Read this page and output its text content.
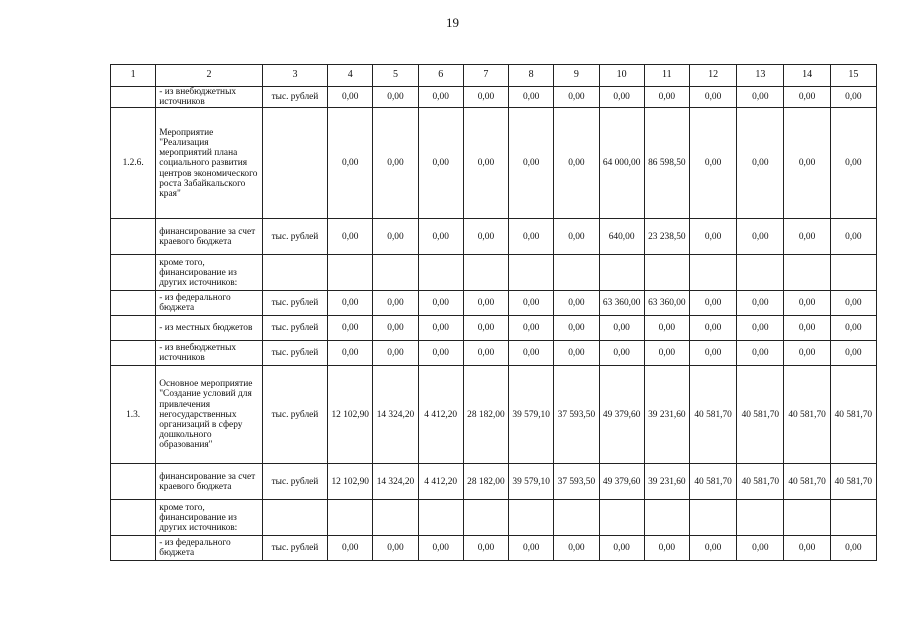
19
1	2	3	4	5	6	7	8	9	10	11	12	13	14	15
	- из внебюджетных источников	тыс. рублей	0,00	0,00	0,00	0,00	0,00	0,00	0,00	0,00	0,00	0,00	0,00	0,00
1.2.6.	Мероприятие "Реализация мероприятий плана социального развития центров экономического роста Забайкальского края"		0,00	0,00	0,00	0,00	0,00	0,00	64 000,00	86 598,50	0,00	0,00	0,00	0,00
	финансирование за счет краевого бюджета	тыс. рублей	0,00	0,00	0,00	0,00	0,00	0,00	640,00	23 238,50	0,00	0,00	0,00	0,00
	кроме того, финансирование из других источников:													
	- из федерального бюджета	тыс. рублей	0,00	0,00	0,00	0,00	0,00	0,00	63 360,00	63 360,00	0,00	0,00	0,00	0,00
	- из местных бюджетов	тыс. рублей	0,00	0,00	0,00	0,00	0,00	0,00	0,00	0,00	0,00	0,00	0,00	0,00
	- из внебюджетных источников	тыс. рублей	0,00	0,00	0,00	0,00	0,00	0,00	0,00	0,00	0,00	0,00	0,00	0,00
1.3.	Основное мероприятие "Создание условий для привлечения негосударственных организаций в сферу дошкольного образования"	тыс. рублей	12 102,90	14 324,20	4 412,20	28 182,00	39 579,10	37 593,50	49 379,60	39 231,60	40 581,70	40 581,70	40 581,70	40 581,70
	финансирование за счет краевого бюджета	тыс. рублей	12 102,90	14 324,20	4 412,20	28 182,00	39 579,10	37 593,50	49 379,60	39 231,60	40 581,70	40 581,70	40 581,70	40 581,70
	кроме того, финансирование из других источников:													
	- из федерального бюджета	тыс. рублей	0,00	0,00	0,00	0,00	0,00	0,00	0,00	0,00	0,00	0,00	0,00	0,00
